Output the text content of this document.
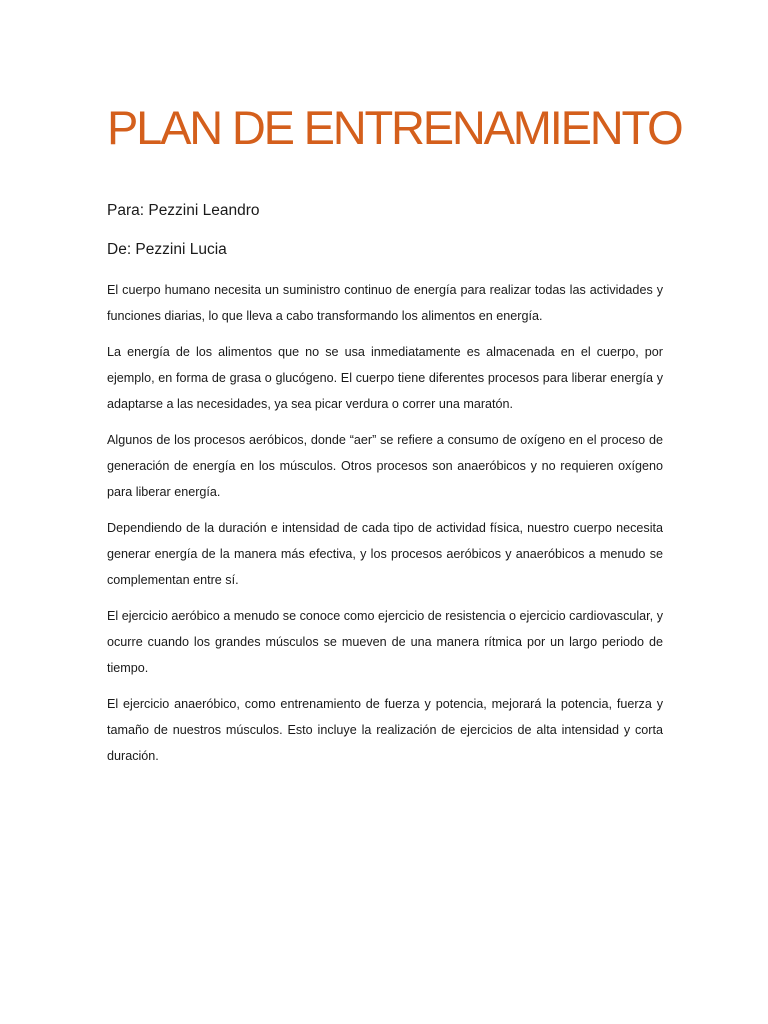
PLAN DE ENTRENAMIENTO

Para: Pezzini Leandro

De: Pezzini Lucia

El cuerpo humano necesita un suministro continuo de energía para realizar todas las actividades y funciones diarias, lo que lleva a cabo transformando los alimentos en energía.

La energía de los alimentos que no se usa inmediatamente es almacenada en el cuerpo, por ejemplo, en forma de grasa o glucógeno. El cuerpo tiene diferentes procesos para liberar energía y adaptarse a las necesidades, ya sea picar verdura o correr una maratón.

Algunos de los procesos aeróbicos, donde “aer” se refiere a consumo de oxígeno en el proceso de generación de energía en los músculos. Otros procesos son anaeróbicos y no requieren oxígeno para liberar energía.

Dependiendo de la duración e intensidad de cada tipo de actividad física, nuestro cuerpo necesita generar energía de la manera más efectiva, y los procesos aeróbicos y anaeróbicos a menudo se complementan entre sí.

El ejercicio aeróbico a menudo se conoce como ejercicio de resistencia o ejercicio cardiovascular, y ocurre cuando los grandes músculos se mueven de una manera rítmica por un largo periodo de tiempo.

El ejercicio anaeróbico, como entrenamiento de fuerza y potencia, mejorará la potencia, fuerza y tamaño de nuestros músculos. Esto incluye la realización de ejercicios de alta intensidad y corta duración.
